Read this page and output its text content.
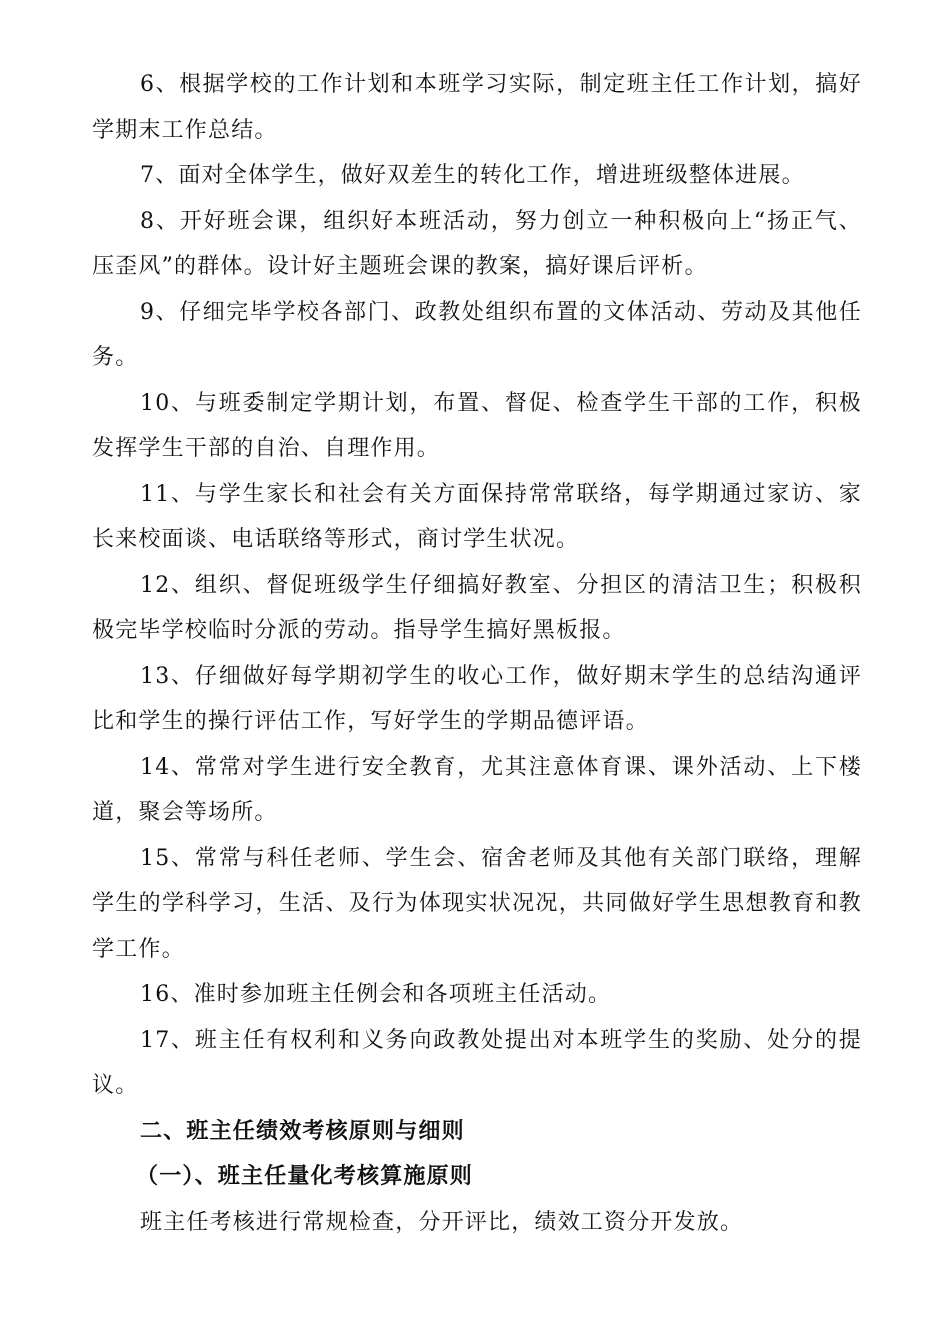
6、根据学校的工作计划和本班学习实际，制定班主任工作计划，搞好学期末工作总结。

7、面对全体学生，做好双差生的转化工作，增进班级整体进展。

8、开好班会课，组织好本班活动，努力创立一种积极向上“扬正气、压歪风”的群体。设计好主题班会课的教案，搞好课后评析。

9、仔细完毕学校各部门、政教处组织布置的文体活动、劳动及其他任务。

10、与班委制定学期计划，布置、督促、检查学生干部的工作，积极发挥学生干部的自治、自理作用。

11、与学生家长和社会有关方面保持常常联络，每学期通过家访、家长来校面谈、电话联络等形式，商讨学生状况。

12、组织、督促班级学生仔细搞好教室、分担区的清洁卫生；积极积极完毕学校临时分派的劳动。指导学生搞好黑板报。

13、仔细做好每学期初学生的收心工作，做好期末学生的总结沟通评比和学生的操行评估工作，写好学生的学期品德评语。

14、常常对学生进行安全教育，尤其注意体育课、课外活动、上下楼道，聚会等场所。

15、常常与科任老师、学生会、宿舍老师及其他有关部门联络，理解学生的学科学习，生活、及行为体现实状况况，共同做好学生思想教育和教学工作。

16、准时参加班主任例会和各项班主任活动。

17、班主任有权利和义务向政教处提出对本班学生的奖励、处分的提议。

二、班主任绩效考核原则与细则

（一）、班主任量化考核算施原则

班主任考核进行常规检查，分开评比，绩效工资分开发放。
